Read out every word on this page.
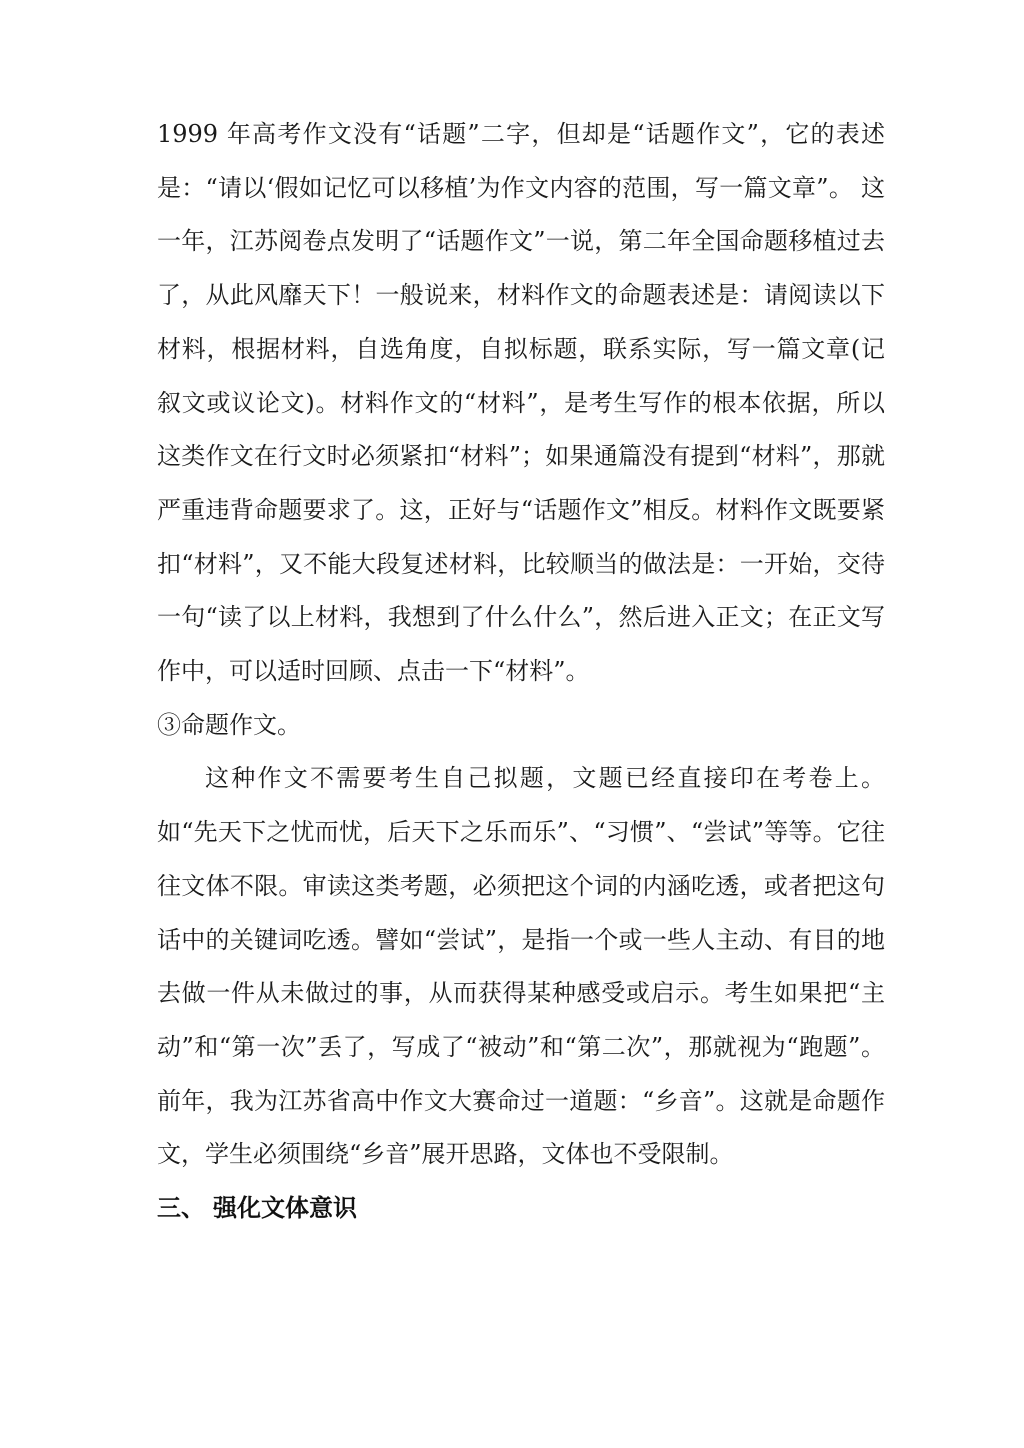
1999 年高考作文没有“话题”二字，但却是“话题作文”，它的表述是：“请以‘假如记忆可以移植’为作文内容的范围，写一篇文章”。 这一年，江苏阅卷点发明了“话题作文”一说，第二年全国命题移植过去了，从此风靡天下！一般说来，材料作文的命题表述是：请阅读以下材料，根据材料，自选角度，自拟标题，联系实际，写一篇文章(记叙文或议论文)。材料作文的“材料”，是考生写作的根本依据，所以这类作文在行文时必须紧扣“材料”；如果通篇没有提到“材料”，那就严重违背命题要求了。这，正好与“话题作文”相反。材料作文既要紧扣“材料”，又不能大段复述材料，比较顺当的做法是：一开始，交待一句“读了以上材料，我想到了什么什么”，然后进入正文；在正文写作中，可以适时回顾、点击一下“材料”。

③命题作文。

这种作文不需要考生自己拟题，文题已经直接印在考卷上。如“先天下之忧而忧，后天下之乐而乐”、“习惯”、“尝试”等等。它往往文体不限。审读这类考题，必须把这个词的内涵吃透，或者把这句话中的关键词吃透。譬如“尝试”，是指一个或一些人主动、有目的地去做一件从未做过的事，从而获得某种感受或启示。考生如果把“主动”和“第一次”丢了，写成了“被动”和“第二次”，那就视为“跑题”。前年，我为江苏省高中作文大赛命过一道题：“乡音”。这就是命题作文，学生必须围绕“乡音”展开思路，文体也不受限制。

三、 强化文体意识
